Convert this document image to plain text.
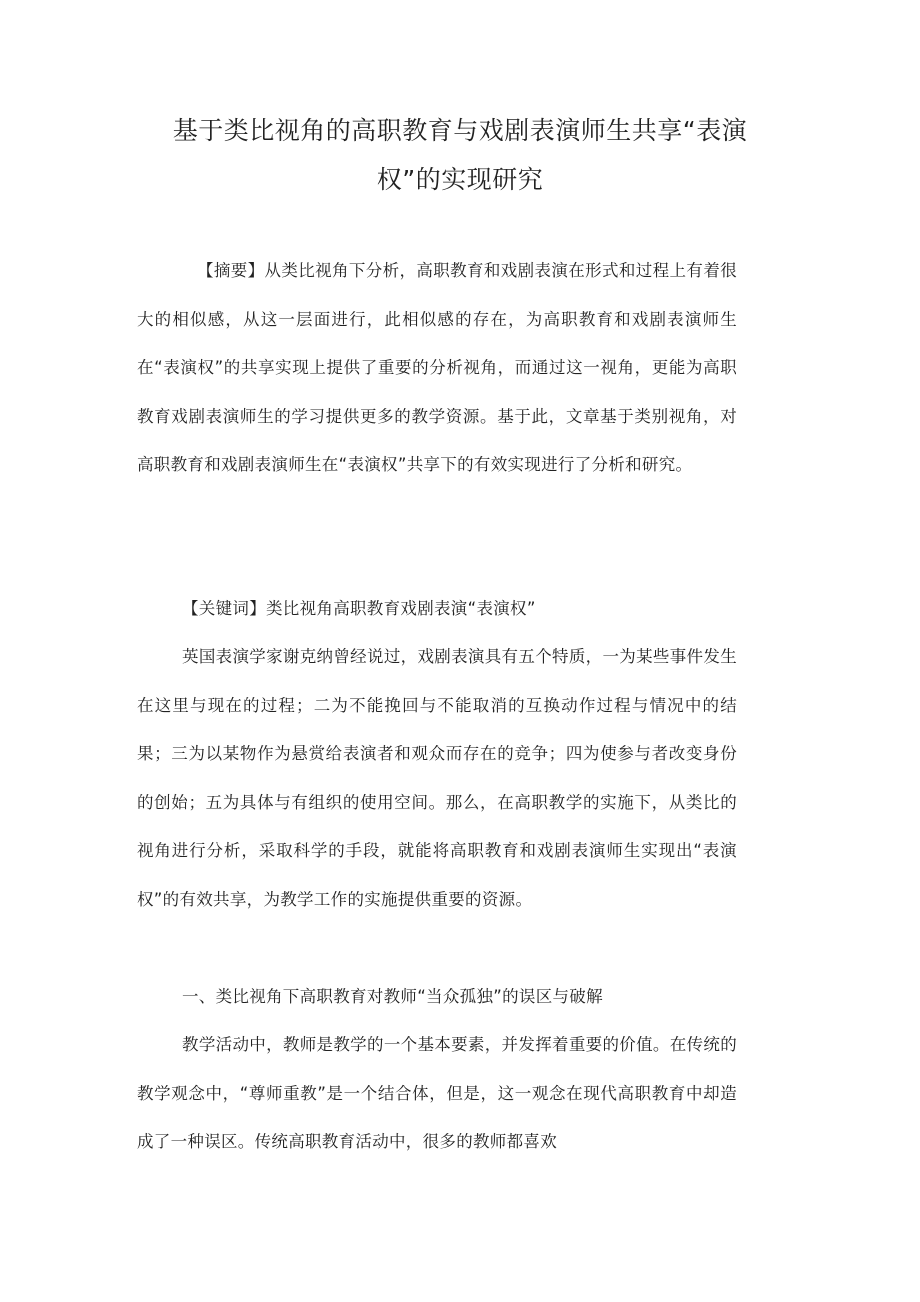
基于类比视角的高职教育与戏剧表演师生共享“表演
权”的实现研究

【摘要】从类比视角下分析，高职教育和戏剧表演在形式和过程上有着很大的相似感，从这一层面进行，此相似感的存在，为高职教育和戏剧表演师生在“表演权”的共享实现上提供了重要的分析视角，而通过这一视角，更能为高职教育戏剧表演师生的学习提供更多的教学资源。基于此，文章基于类别视角，对高职教育和戏剧表演师生在“表演权”共享下的有效实现进行了分析和研究。

【关键词】类比视角高职教育戏剧表演“表演权”

英国表演学家谢克纳曾经说过，戏剧表演具有五个特质，一为某些事件发生在这里与现在的过程；二为不能挽回与不能取消的互换动作过程与情况中的结果；三为以某物作为悬赏给表演者和观众而存在的竞争；四为使参与者改变身份的创始；五为具体与有组织的使用空间。那么，在高职教学的实施下，从类比的视角进行分析，采取科学的手段，就能将高职教育和戏剧表演师生实现出“表演权”的有效共享，为教学工作的实施提供重要的资源。

一、类比视角下高职教育对教师“当众孤独”的误区与破解

教学活动中，教师是教学的一个基本要素，并发挥着重要的价值。在传统的教学观念中，“尊师重教”是一个结合体，但是，这一观念在现代高职教育中却造成了一种误区。传统高职教育活动中，很多的教师都喜欢
